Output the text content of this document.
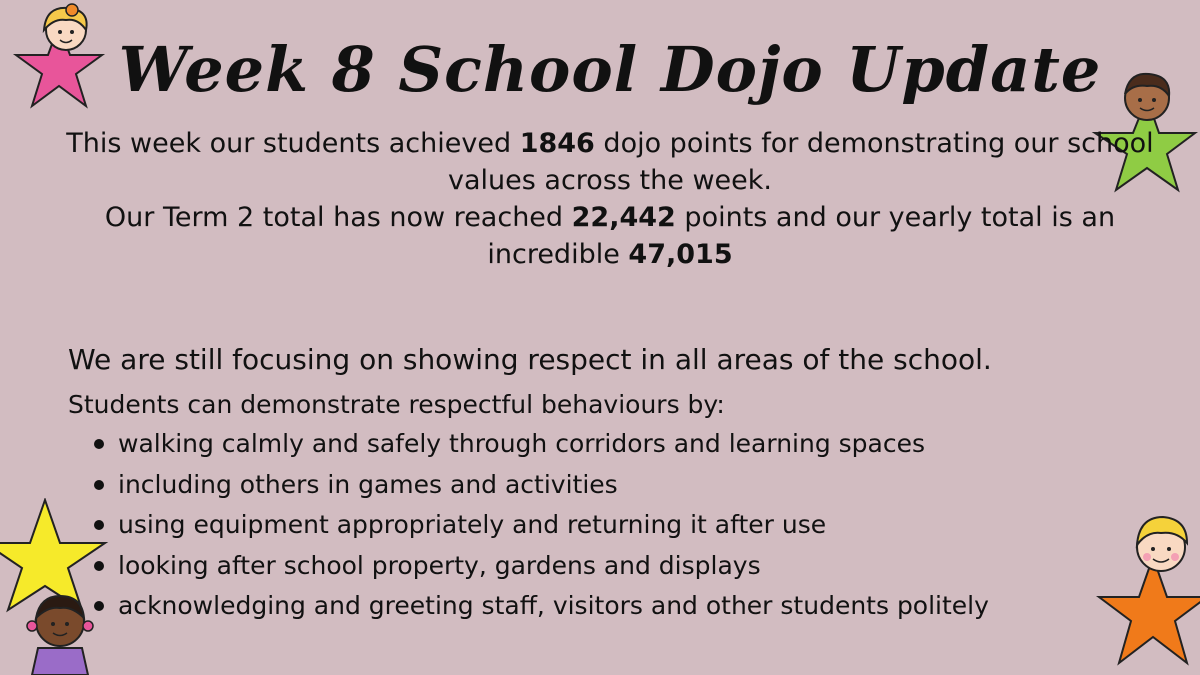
Week 8 School Dojo Update

This week our students achieved 1846 dojo points for demonstrating our school values across the week.

Our Term 2 total has now reached 22,442 points and our yearly total is an incredible 47,015

We are still focusing on showing respect in all areas of the school.

Students can demonstrate respectful behaviours by:

walking calmly and safely through corridors and learning spaces
including others in games and activities
using equipment appropriately and returning it after use
looking after school property, gardens and displays
acknowledging and greeting staff, visitors and other students politely
